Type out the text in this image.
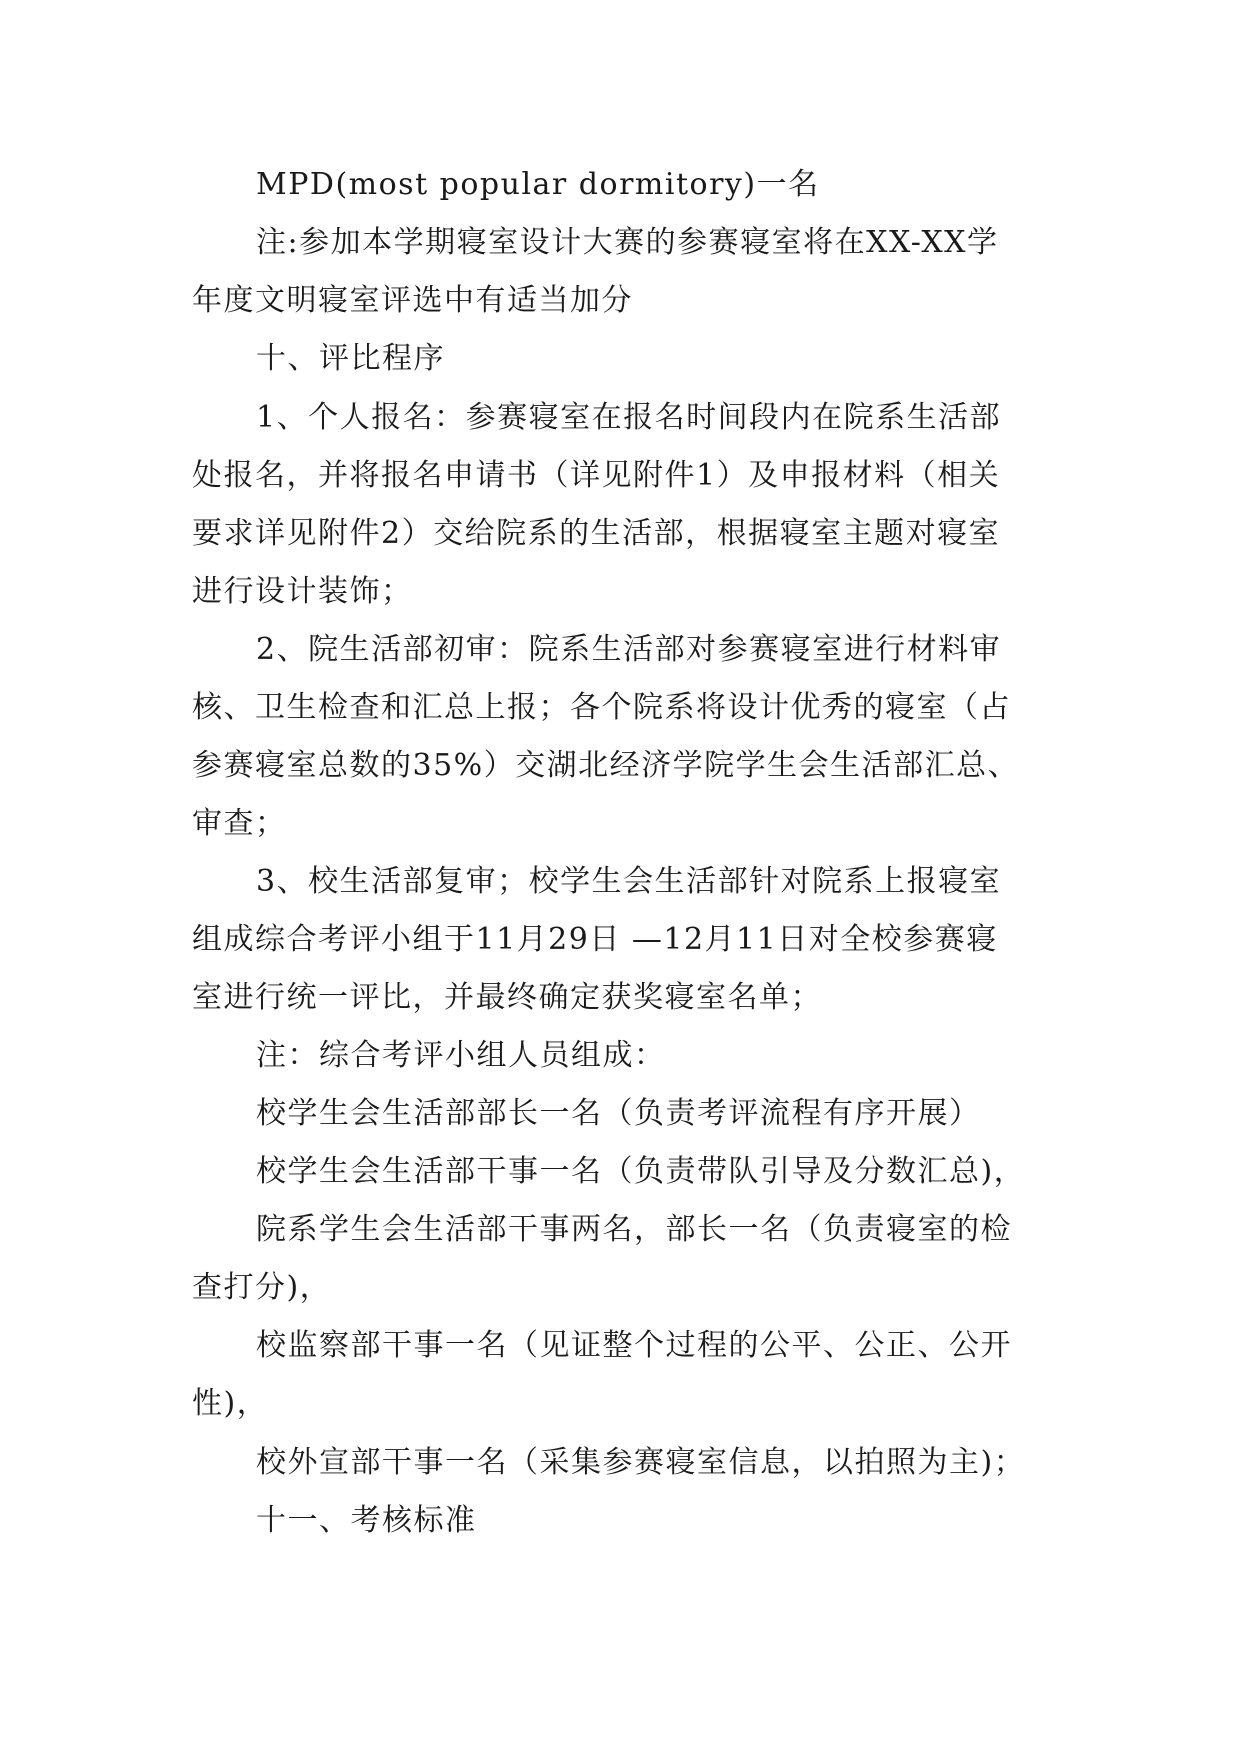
MPD(most popular dormitory)一名

注:参加本学期寝室设计大赛的参赛寝室将在XX-XX学

年度文明寝室评选中有适当加分

十、评比程序

1、个人报名：参赛寝室在报名时间段内在院系生活部

处报名，并将报名申请书（详见附件1）及申报材料（相关

要求详见附件2）交给院系的生活部，根据寝室主题对寝室

进行设计装饰；

2、院生活部初审：院系生活部对参赛寝室进行材料审

核、卫生检查和汇总上报；各个院系将设计优秀的寝室（占

参赛寝室总数的35%）交湖北经济学院学生会生活部汇总、

审查；

3、校生活部复审；校学生会生活部针对院系上报寝室

组成综合考评小组于11月29日 —12月11日对全校参赛寝

室进行统一评比，并最终确定获奖寝室名单；

注：综合考评小组人员组成：

校学生会生活部部长一名（负责考评流程有序开展）

校学生会生活部干事一名（负责带队引导及分数汇总)，

院系学生会生活部干事两名，部长一名（负责寝室的检

查打分)，

校监察部干事一名（见证整个过程的公平、公正、公开

性)，

校外宣部干事一名（采集参赛寝室信息，以拍照为主)；

十一、考核标准
